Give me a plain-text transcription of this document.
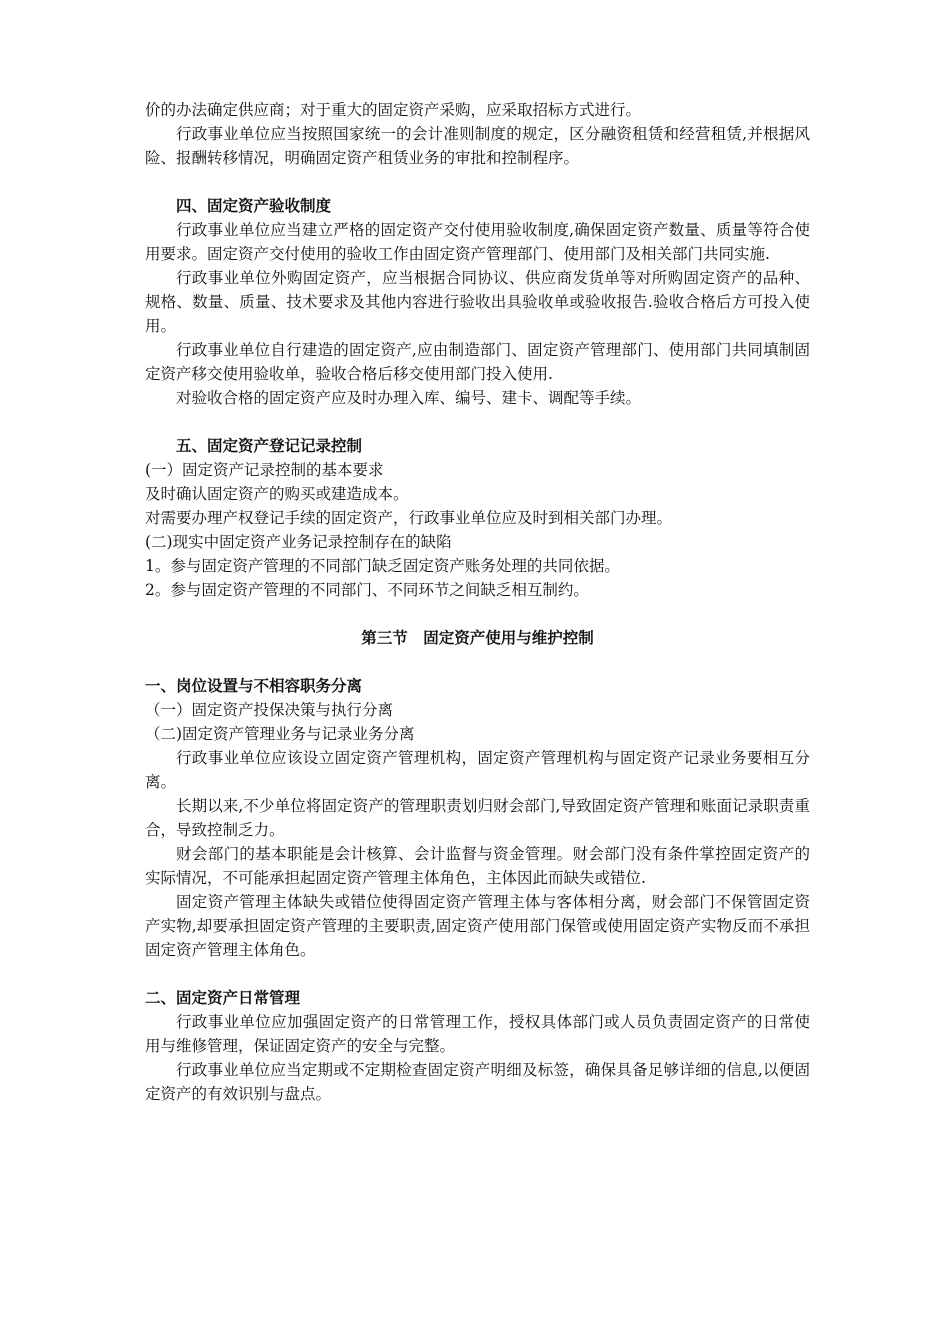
价的办法确定供应商；对于重大的固定资产采购，应采取招标方式进行。

行政事业单位应当按照国家统一的会计准则制度的规定，区分融资租赁和经营租赁,并根据风险、报酬转移情况，明确固定资产租赁业务的审批和控制程序。

四、固定资产验收制度

行政事业单位应当建立严格的固定资产交付使用验收制度,确保固定资产数量、质量等符合使用要求。固定资产交付使用的验收工作由固定资产管理部门、使用部门及相关部门共同实施.

行政事业单位外购固定资产，应当根据合同协议、供应商发货单等对所购固定资产的品种、规格、数量、质量、技术要求及其他内容进行验收出具验收单或验收报告.验收合格后方可投入使用。

行政事业单位自行建造的固定资产,应由制造部门、固定资产管理部门、使用部门共同填制固定资产移交使用验收单，验收合格后移交使用部门投入使用.

对验收合格的固定资产应及时办理入库、编号、建卡、调配等手续。

五、固定资产登记记录控制

(一）固定资产记录控制的基本要求

及时确认固定资产的购买或建造成本。

对需要办理产权登记手续的固定资产，行政事业单位应及时到相关部门办理。

(二)现实中固定资产业务记录控制存在的缺陷

1。参与固定资产管理的不同部门缺乏固定资产账务处理的共同依据。

2。参与固定资产管理的不同部门、不同环节之间缺乏相互制约。

第三节　固定资产使用与维护控制

一、岗位设置与不相容职务分离

（一）固定资产投保决策与执行分离

（二)固定资产管理业务与记录业务分离

行政事业单位应该设立固定资产管理机构，固定资产管理机构与固定资产记录业务要相互分离。

长期以来,不少单位将固定资产的管理职责划归财会部门,导致固定资产管理和账面记录职责重合，导致控制乏力。

财会部门的基本职能是会计核算、会计监督与资金管理。财会部门没有条件掌控固定资产的实际情况，不可能承担起固定资产管理主体角色，主体因此而缺失或错位.

固定资产管理主体缺失或错位使得固定资产管理主体与客体相分离，财会部门不保管固定资产实物,却要承担固定资产管理的主要职责,固定资产使用部门保管或使用固定资产实物反而不承担固定资产管理主体角色。

二、固定资产日常管理

行政事业单位应加强固定资产的日常管理工作，授权具体部门或人员负责固定资产的日常使用与维修管理，保证固定资产的安全与完整。

行政事业单位应当定期或不定期检查固定资产明细及标签，确保具备足够详细的信息,以便固定资产的有效识别与盘点。
